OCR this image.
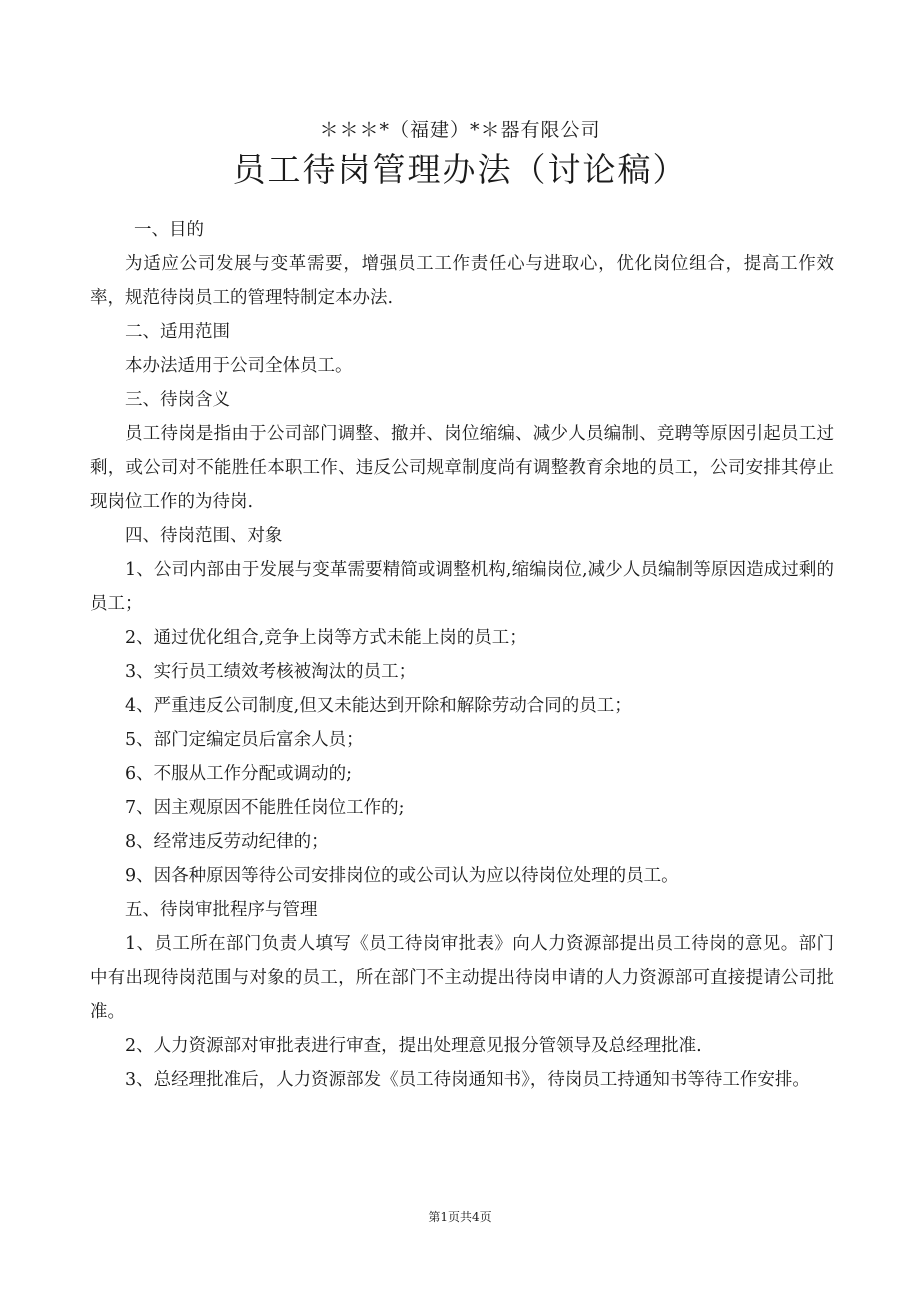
＊＊＊*（福建）*＊器有限公司
员工待岗管理办法（讨论稿）

一、目的

为适应公司发展与变革需要，增强员工工作责任心与进取心，优化岗位组合，提高工作效率，规范待岗员工的管理特制定本办法.

二、适用范围

本办法适用于公司全体员工。

三、待岗含义

员工待岗是指由于公司部门调整、撤并、岗位缩编、减少人员编制、竞聘等原因引起员工过剩，或公司对不能胜任本职工作、违反公司规章制度尚有调整教育余地的员工，公司安排其停止现岗位工作的为待岗.

四、待岗范围、对象

1、公司内部由于发展与变革需要精简或调整机构,缩编岗位,减少人员编制等原因造成过剩的员工；

2、通过优化组合,竞争上岗等方式未能上岗的员工；

3、实行员工绩效考核被淘汰的员工；

4、严重违反公司制度,但又未能达到开除和解除劳动合同的员工；

5、部门定编定员后富余人员；

6、不服从工作分配或调动的;

7、因主观原因不能胜任岗位工作的;

8、经常违反劳动纪律的；

9、因各种原因等待公司安排岗位的或公司认为应以待岗位处理的员工。

五、待岗审批程序与管理

1、员工所在部门负责人填写《员工待岗审批表》向人力资源部提出员工待岗的意见。部门中有出现待岗范围与对象的员工，所在部门不主动提出待岗申请的人力资源部可直接提请公司批准。

2、人力资源部对审批表进行审查，提出处理意见报分管领导及总经理批准.

3、总经理批准后，人力资源部发《员工待岗通知书》，待岗员工持通知书等待工作安排。

第1页共4页
